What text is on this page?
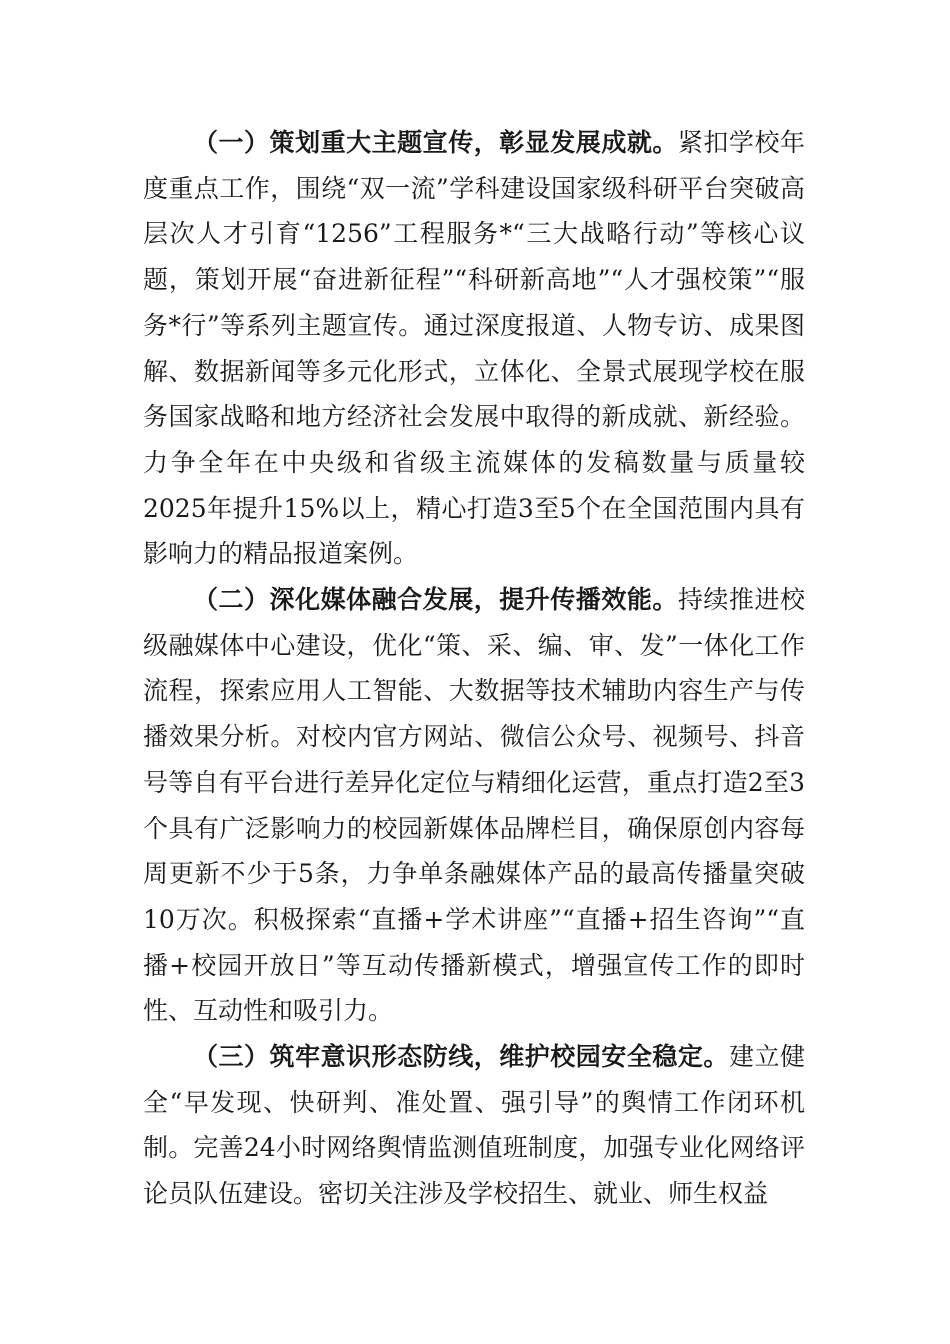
（一）策划重大主题宣传，彰显发展成就。紧扣学校年度重点工作，围绕“双一流”学科建设国家级科研平台突破高层次人才引育“1256”工程服务*“三大战略行动”等核心议题，策划开展“奋进新征程”“科研新高地”“人才强校策”“服务*行”等系列主题宣传。通过深度报道、人物专访、成果图解、数据新闻等多元化形式，立体化、全景式展现学校在服务国家战略和地方经济社会发展中取得的新成就、新经验。力争全年在中央级和省级主流媒体的发稿数量与质量较2025年提升15%以上，精心打造3至5个在全国范围内具有影响力的精品报道案例。

（二）深化媒体融合发展，提升传播效能。持续推进校级融媒体中心建设，优化“策、采、编、审、发”一体化工作流程，探索应用人工智能、大数据等技术辅助内容生产与传播效果分析。对校内官方网站、微信公众号、视频号、抖音号等自有平台进行差异化定位与精细化运营，重点打造2至3个具有广泛影响力的校园新媒体品牌栏目，确保原创内容每周更新不少于5条，力争单条融媒体产品的最高传播量突破10万次。积极探索“直播+学术讲座”“直播+招生咨询”“直播+校园开放日”等互动传播新模式，增强宣传工作的即时性、互动性和吸引力。

（三）筑牢意识形态防线，维护校园安全稳定。建立健全“早发现、快研判、准处置、强引导”的舆情工作闭环机制。完善24小时网络舆情监测值班制度，加强专业化网络评论员队伍建设。密切关注涉及学校招生、就业、师生权益
